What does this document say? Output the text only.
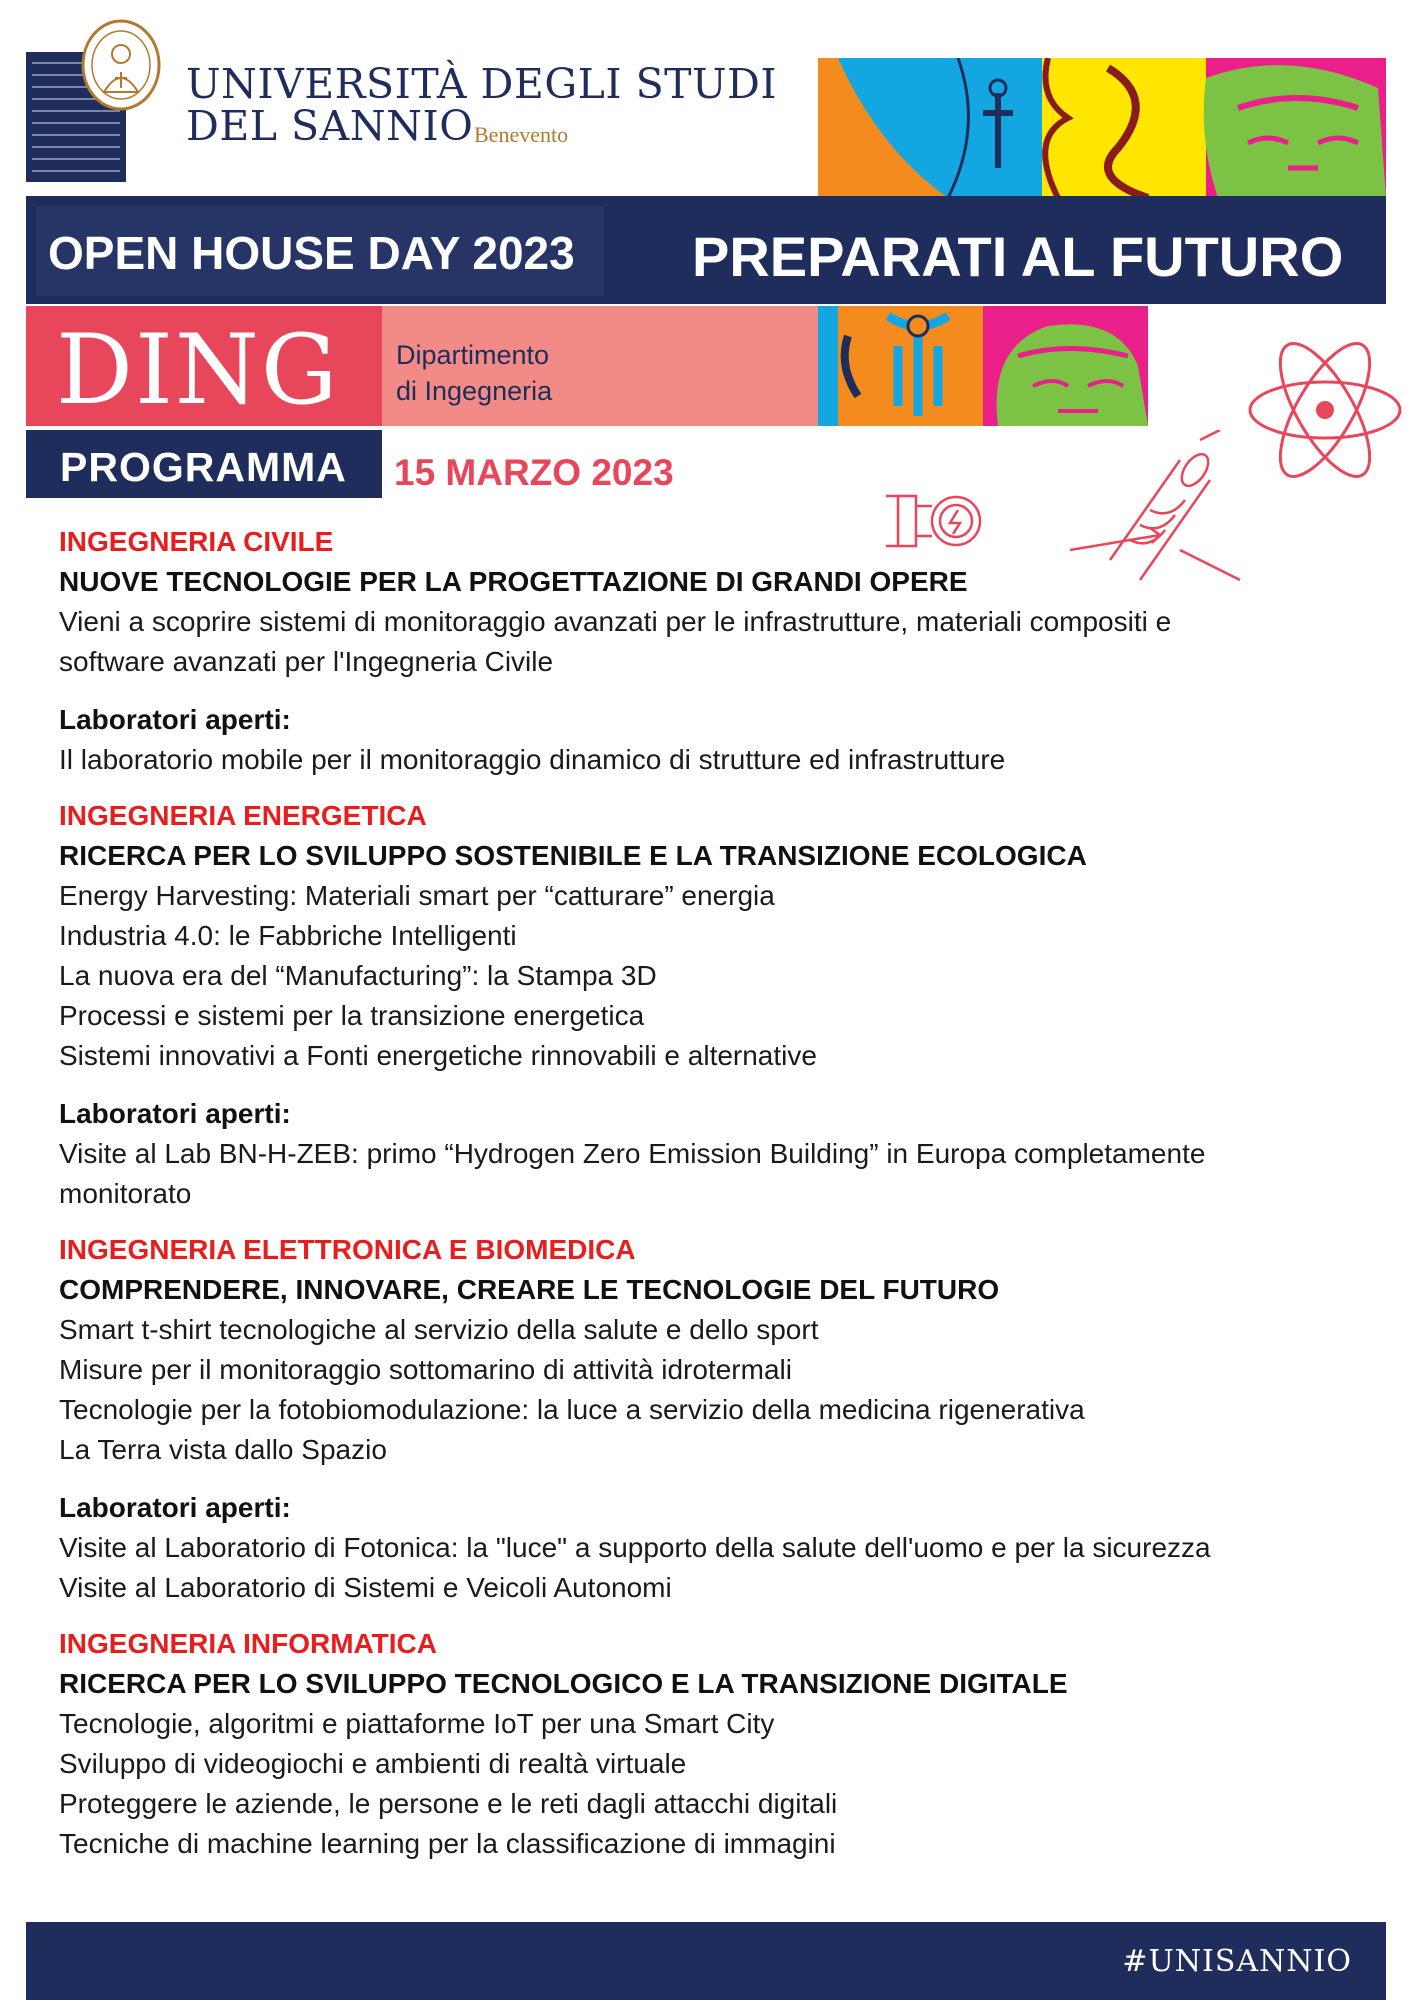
UNIVERSITÀ DEGLI STUDI
DEL SANNIO Benevento
OPEN HOUSE DAY 2023 PREPARATI AL FUTURO
DING Dipartimento
di Ingegneria
PROGRAMMA 15 MARZO 2023
INGEGNERIA CIVILE
NUOVE TECNOLOGIE PER LA PROGETTAZIONE DI GRANDI OPERE
Vieni a scoprire sistemi di monitoraggio avanzati per le infrastrutture, materiali compositi e
software avanzati per l'Ingegneria Civile
Laboratori aperti:
Il laboratorio mobile per il monitoraggio dinamico di strutture ed infrastrutture
INGEGNERIA ENERGETICA
RICERCA PER LO SVILUPPO SOSTENIBILE E LA TRANSIZIONE ECOLOGICA
Energy Harvesting: Materiali smart per “catturare” energia
Industria 4.0: le Fabbriche Intelligenti
La nuova era del “Manufacturing”: la Stampa 3D
Processi e sistemi per la transizione energetica
Sistemi innovativi a Fonti energetiche rinnovabili e alternative
Laboratori aperti:
Visite al Lab BN-H-ZEB: primo “Hydrogen Zero Emission Building” in Europa completamente
monitorato
INGEGNERIA ELETTRONICA E BIOMEDICA
COMPRENDERE, INNOVARE, CREARE LE TECNOLOGIE DEL FUTURO
Smart t-shirt tecnologiche al servizio della salute e dello sport
Misure per il monitoraggio sottomarino di attività idrotermali
Tecnologie per la fotobiomodulazione: la luce a servizio della medicina rigenerativa
La Terra vista dallo Spazio
Laboratori aperti:
Visite al Laboratorio di Fotonica: la "luce" a supporto della salute dell'uomo e per la sicurezza
Visite al Laboratorio di Sistemi e Veicoli Autonomi
INGEGNERIA INFORMATICA
RICERCA PER LO SVILUPPO TECNOLOGICO E LA TRANSIZIONE DIGITALE
Tecnologie, algoritmi e piattaforme IoT per una Smart City
Sviluppo di videogiochi e ambienti di realtà virtuale
Proteggere le aziende, le persone e le reti dagli attacchi digitali
Tecniche di machine learning per la classificazione di immagini
#UNISANNIO
